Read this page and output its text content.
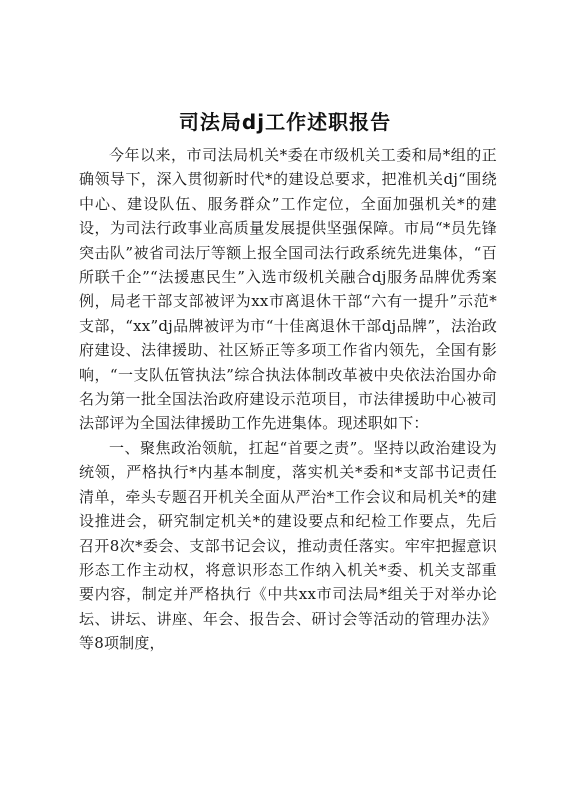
司法局dj工作述职报告

今年以来，市司法局机关*委在市级机关工委和局*组的正确领导下，深入贯彻新时代*的建设总要求，把准机关dj“围绕中心、建设队伍、服务群众”工作定位，全面加强机关*的建设，为司法行政事业高质量发展提供坚强保障。市局“*员先锋突击队”被省司法厅等额上报全国司法行政系统先进集体，“百所联千企”“法援惠民生”入选市级机关融合dj服务品牌优秀案例，局老干部支部被评为xx市离退休干部“六有一提升”示范*支部，“xx”dj品牌被评为市“十佳离退休干部dj品牌”，法治政府建设、法律援助、社区矫正等多项工作省内领先，全国有影响，“一支队伍管执法”综合执法体制改革被中央依法治国办命名为第一批全国法治政府建设示范项目，市法律援助中心被司法部评为全国法律援助工作先进集体。现述职如下：

一、聚焦政治领航，扛起“首要之责”。坚持以政治建设为统领，严格执行*内基本制度，落实机关*委和*支部书记责任清单，牵头专题召开机关全面从严治*工作会议和局机关*的建设推进会，研究制定机关*的建设要点和纪检工作要点，先后召开8次*委会、支部书记会议，推动责任落实。牢牢把握意识形态工作主动权，将意识形态工作纳入机关*委、机关支部重要内容，制定并严格执行《中共xx市司法局*组关于对举办论坛、讲坛、讲座、年会、报告会、研讨会等活动的管理办法》等8项制度，
